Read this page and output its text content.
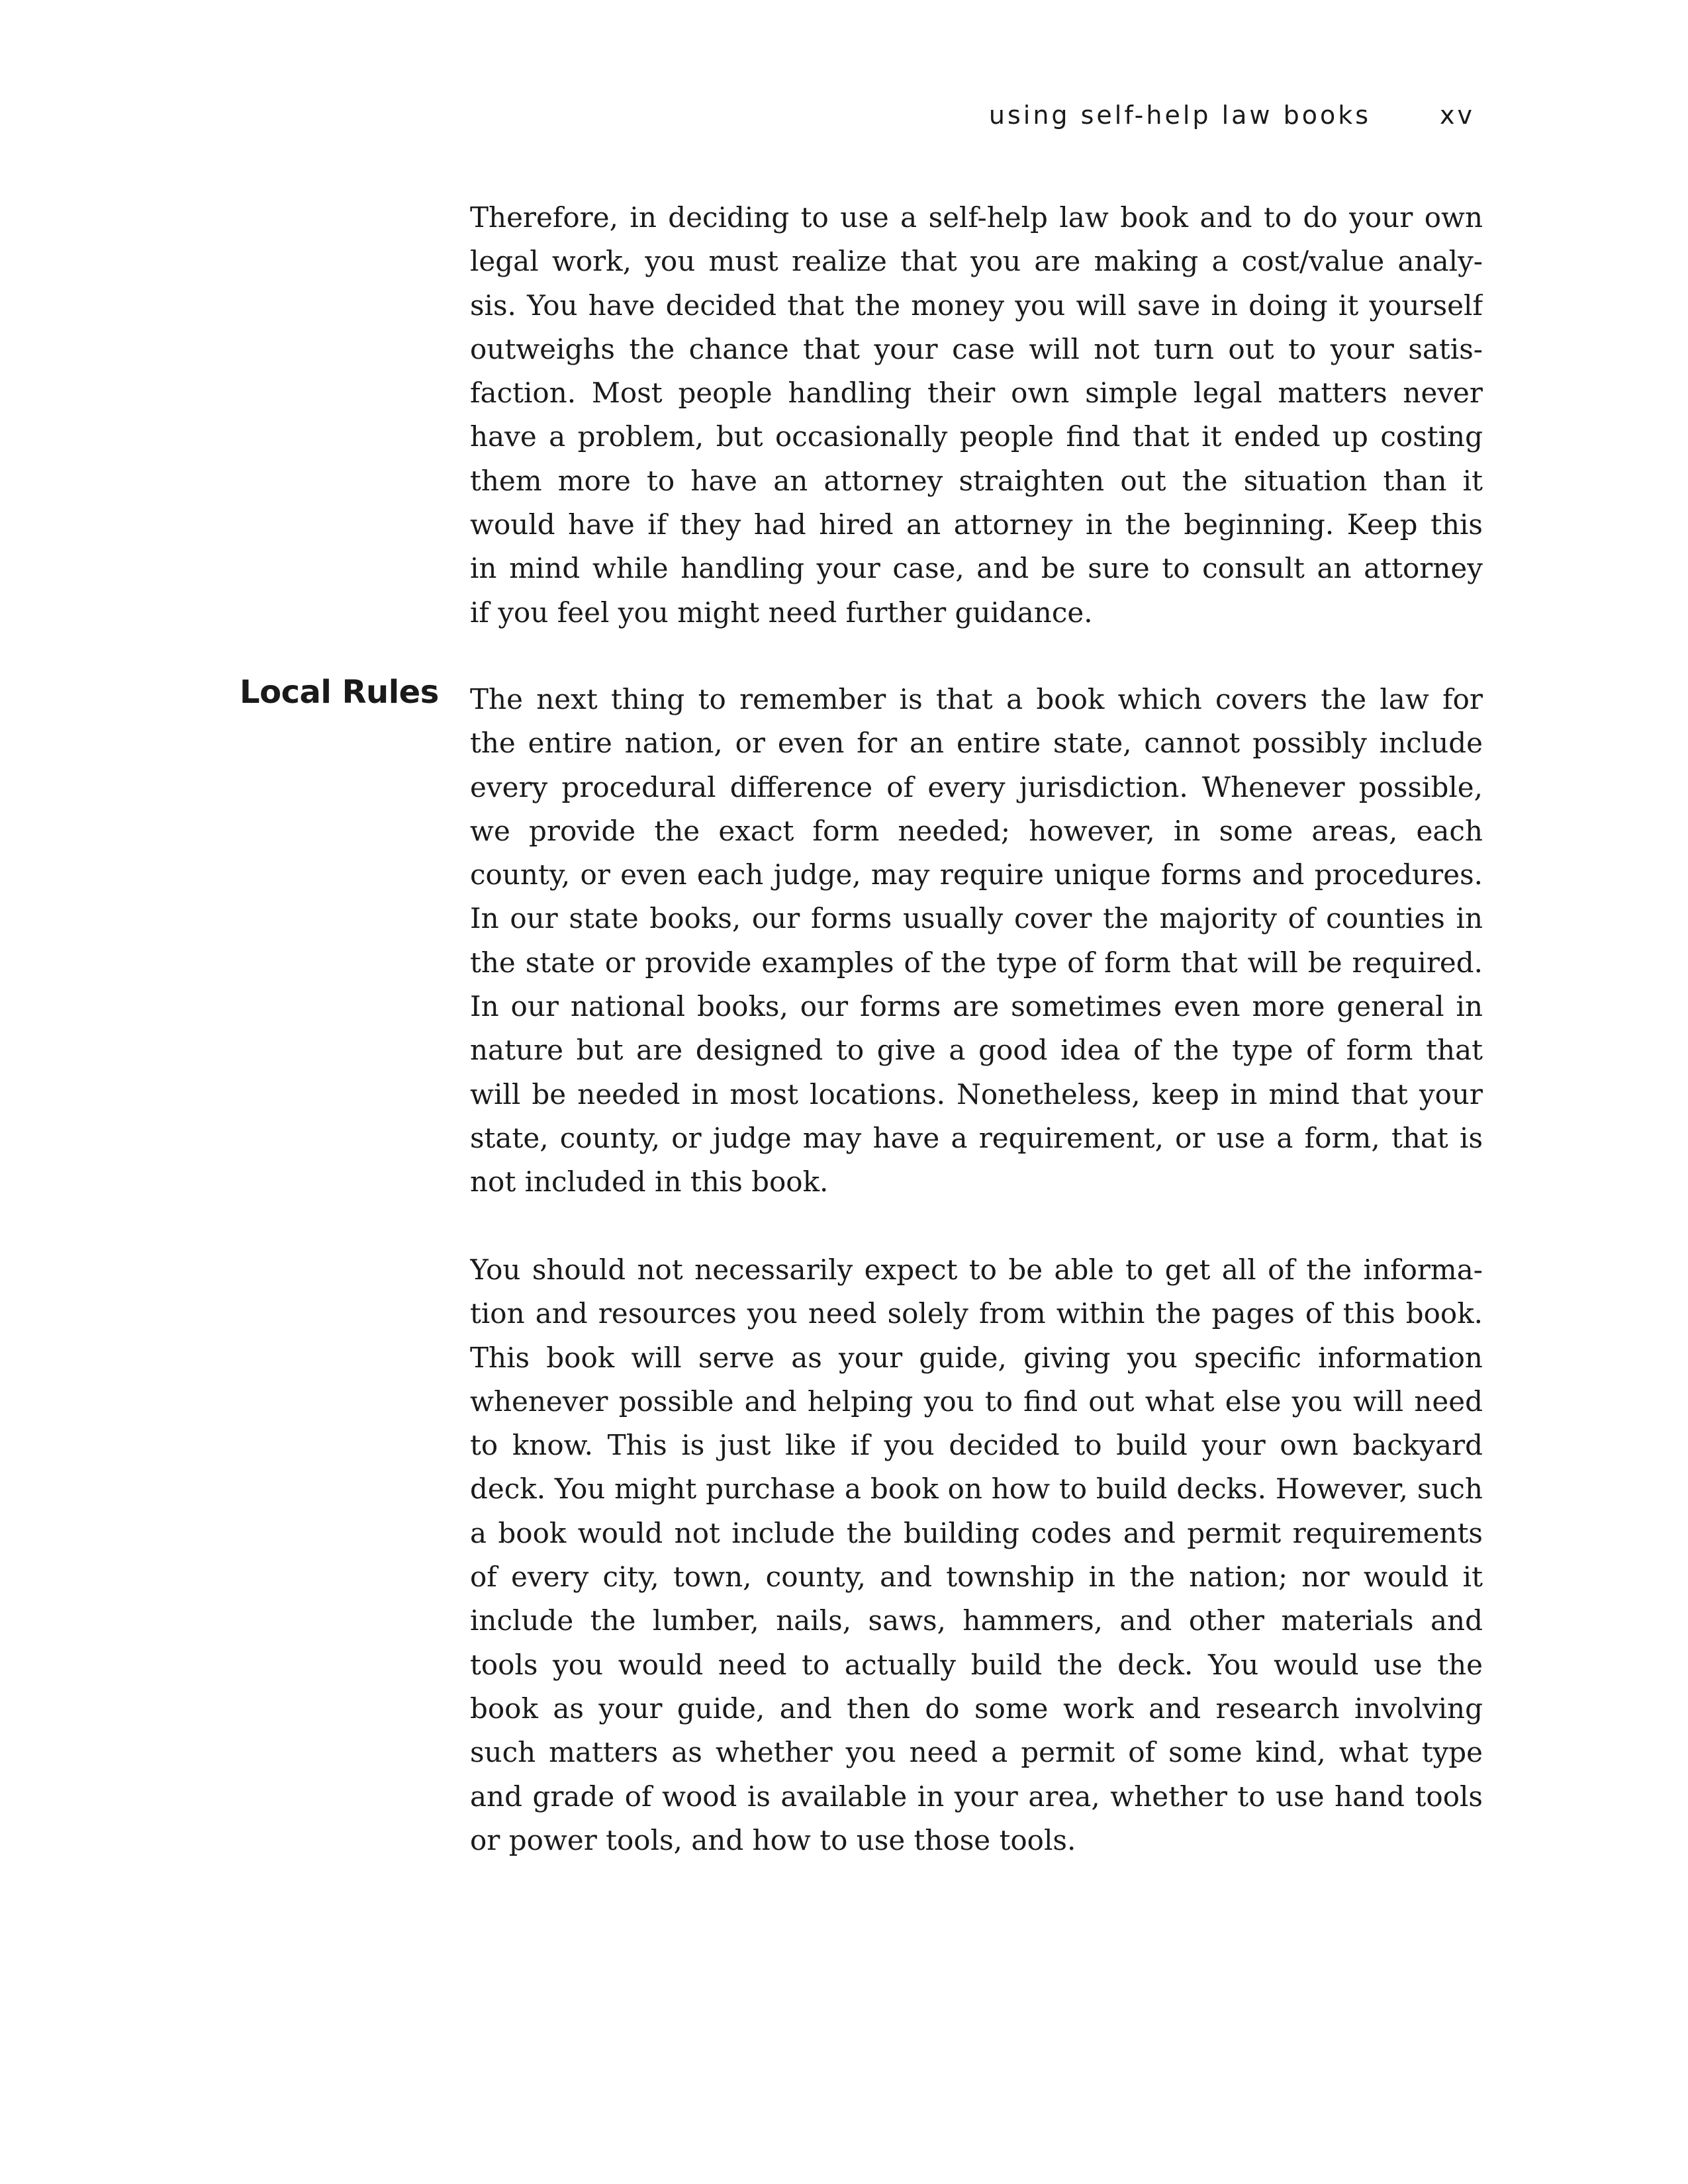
using self-help law books	xv
Local Rules
Therefore, in deciding to use a self-help law book and to do your own
legal work, you must realize that you are making a cost/value analy-
sis. You have decided that the money you will save in doing it yourself
outweighs the chance that your case will not turn out to your satis-
faction. Most people handling their own simple legal matters never
have a problem, but occasionally people find that it ended up costing
them more to have an attorney straighten out the situation than it
would have if they had hired an attorney in the beginning. Keep this
in mind while handling your case, and be sure to consult an attorney
if you feel you might need further guidance.
The next thing to remember is that a book which covers the law for
the entire nation, or even for an entire state, cannot possibly include
every procedural difference of every jurisdiction. Whenever possible,
we provide the exact form needed; however, in some areas, each
county, or even each judge, may require unique forms and procedures.
In our state books, our forms usually cover the majority of counties in
the state or provide examples of the type of form that will be required.
In our national books, our forms are sometimes even more general in
nature but are designed to give a good idea of the type of form that
will be needed in most locations. Nonetheless, keep in mind that your
state, county, or judge may have a requirement, or use a form, that is
not included in this book.
You should not necessarily expect to be able to get all of the informa-
tion and resources you need solely from within the pages of this book.
This book will serve as your guide, giving you specific information
whenever possible and helping you to find out what else you will need
to know. This is just like if you decided to build your own backyard
deck. You might purchase a book on how to build decks. However, such
a book would not include the building codes and permit requirements
of every city, town, county, and township in the nation; nor would it
include the lumber, nails, saws, hammers, and other materials and
tools you would need to actually build the deck. You would use the
book as your guide, and then do some work and research involving
such matters as whether you need a permit of some kind, what type
and grade of wood is available in your area, whether to use hand tools
or power tools, and how to use those tools.
